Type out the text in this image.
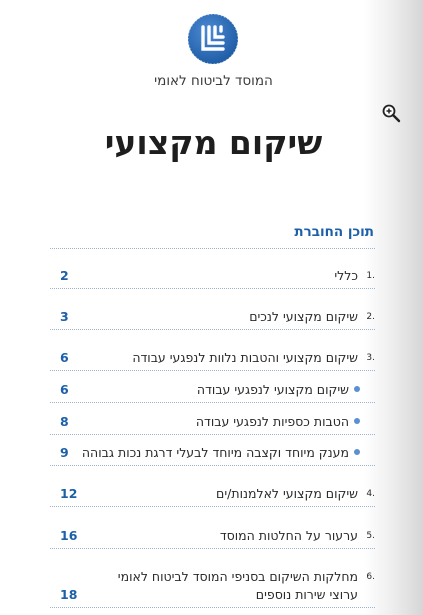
המוסד לביטוח לאומי
שיקום מקצועי
תוכן החוברת
1.
כללי
2
2.
שיקום מקצועי לנכים
3
3.
שיקום מקצועי והטבות נלוות לנפגעי עבודה
6
שיקום מקצועי לנפגעי עבודה
6
הטבות כספיות לנפגעי עבודה
8
מענק מיוחד וקצבה מיוחד לבעלי דרגת נכות גבוהה
9
4.
שיקום מקצועי לאלמנות/ים
12
5.
ערעור על החלטות המוסד
16
6.
מחלקות השיקום בסניפי המוסד לביטוח לאומי
ערוצי שירות נוספים
18
